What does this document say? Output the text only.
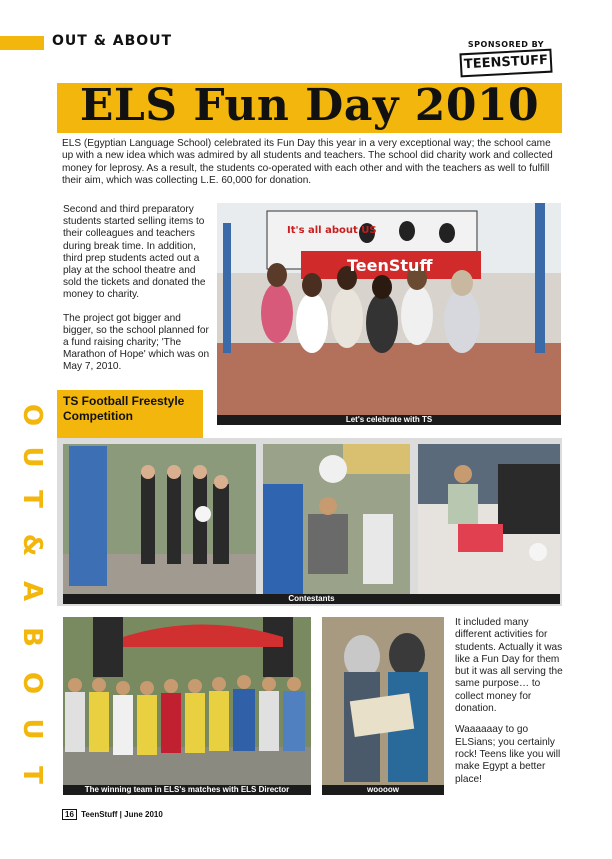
OUT & ABOUT	SPONSORED BY
TEENSTUFF
ELS Fun Day 2010
ELS (Egyptian Language School) celebrated its Fun Day this year in a very exceptional way; the school came up with a new idea which was admired by all students and teachers. The school did charity work and collected money for leprosy. As a result, the students co-operated with each other and with the teachers as well to fulfill their aim, which was collecting L.E. 60,000 for donation.

Second and third preparatory students started selling items to their colleagues and teachers during break time. In addition, third prep students acted out a play at the school theatre and sold the tickets and donated the money to charity.

The project got bigger and bigger, so the school planned for a fund raising charity; 'The Marathon of Hope' which was on May 7, 2010.

TS Football Freestyle Competition
It's all about US
TeenStuff
Let's celebrate with TS
Contestants
The winning team in ELS's matches with ELS Director	woooow

It included many different activities for students. Actually it was like a Fun Day for them but it was all serving the same purpose… to collect money for donation.

Waaaaaay to go ELSians; you certainly rock! Teens like you will make Egypt a better place!

O
U
T
&
A
B
O
U
T
16 TeenStuff | June 2010
